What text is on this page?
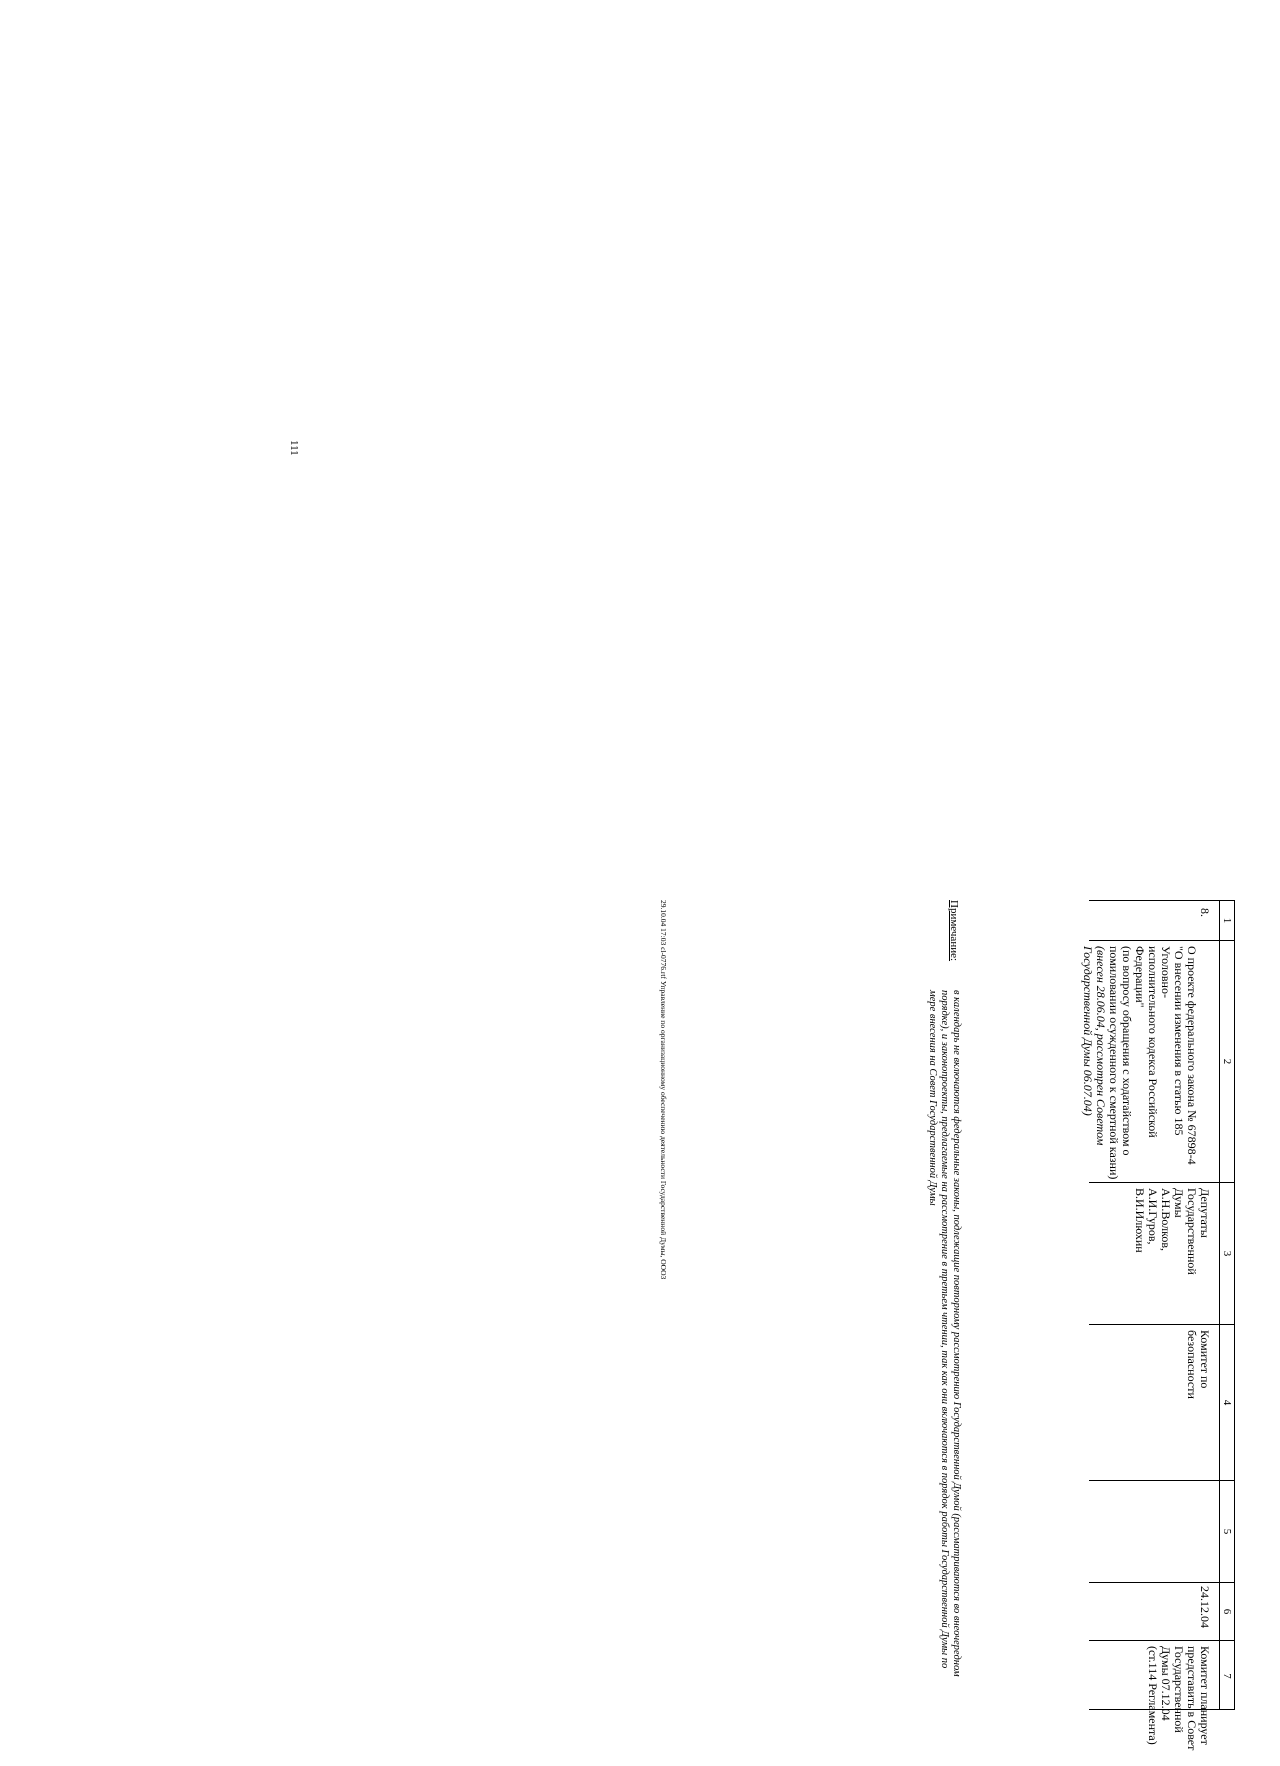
111
1
2
3
4
5
6
7
8.

О проекте федерального закона № 67898-4
"О внесении изменения в статью 185 Уголовно-
исполнительного кодекса Российской
Федерации"
(по вопросу обращения с ходатайством о
помиловании осужденного к смертной казни)

(внесен 28.06.04, рассмотрен Советом
Государственной Думы 06.07.04)

Депутаты
Государственной
Думы
А.Н.Волков,
А.И.Гуров,
В.И.Илюхин
Комитет по
безопасности
24.12.04
Комитет планирует
представить в Совет
Государственной
Думы 07.12.04
(ст.114 Регламента)
Примечание:
в календарь не включаются федеральные законы, подлежащие повторному рассмотрению Государственной Думой (рассматриваются во внеочередном порядке), и законопроекты, предлагаемые на рассмотрение в третьем чтении, так как они включаются в порядок работы Государственной Думы по мере внесения на Совет Государственной Думы
29.10.04 17:03 cl-0776.rtf Управление по организационному обеспечению деятельности Государственной Думы, ООО3
